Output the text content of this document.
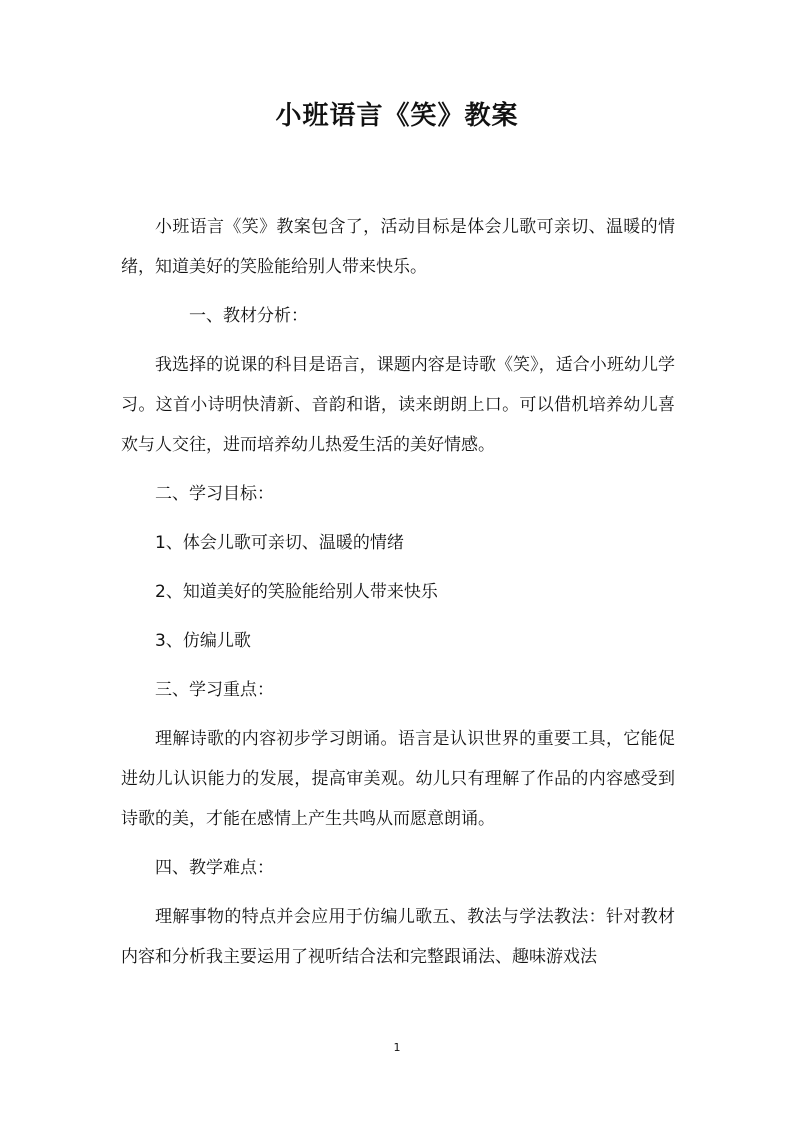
小班语言《笑》教案

小班语言《笑》教案包含了，活动目标是体会儿歌可亲切、温暖的情绪，知道美好的笑脸能给别人带来快乐。

一、教材分析：

我选择的说课的科目是语言，课题内容是诗歌《笑》，适合小班幼儿学习。这首小诗明快清新、音韵和谐，读来朗朗上口。可以借机培养幼儿喜欢与人交往，进而培养幼儿热爱生活的美好情感。

二、学习目标：

1、体会儿歌可亲切、温暖的情绪

2、知道美好的笑脸能给别人带来快乐

3、仿编儿歌

三、学习重点：

理解诗歌的内容初步学习朗诵。语言是认识世界的重要工具，它能促进幼儿认识能力的发展，提高审美观。幼儿只有理解了作品的内容感受到诗歌的美，才能在感情上产生共鸣从而愿意朗诵。

四、教学难点：

理解事物的特点并会应用于仿编儿歌五、教法与学法教法：针对教材内容和分析我主要运用了视听结合法和完整跟诵法、趣味游戏法

1
